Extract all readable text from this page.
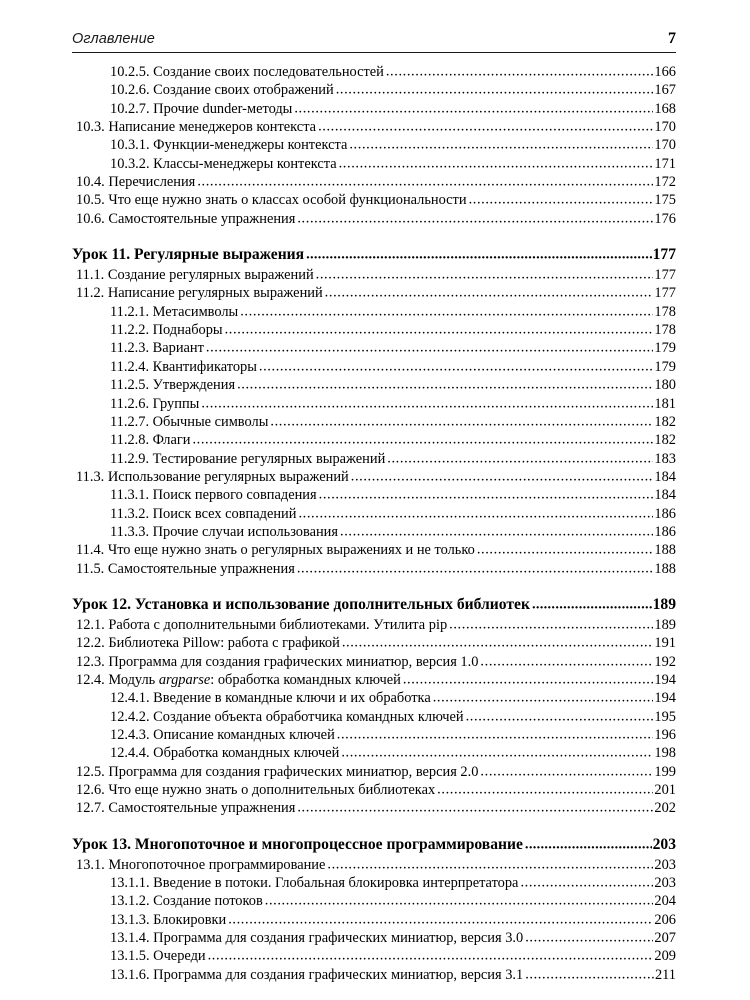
Оглавление	7
10.2.5. Создание своих последовательностей .....	166
10.2.6. Создание своих отображений .....	167
10.2.7. Прочие dunder-методы .....	168
10.3. Написание менеджеров контекста .....	170
10.3.1. Функции-менеджеры контекста .....	170
10.3.2. Классы-менеджеры контекста .....	171
10.4. Перечисления .....	172
10.5. Что еще нужно знать о классах особой функциональности .....	175
10.6. Самостоятельные упражнения .....	176
Урок 11. Регулярные выражения .....	177
11.1. Создание регулярных выражений .....	177
11.2. Написание регулярных выражений .....	177
11.2.1. Метасимволы .....	178
11.2.2. Поднаборы .....	178
11.2.3. Вариант .....	179
11.2.4. Квантификаторы .....	179
11.2.5. Утверждения .....	180
11.2.6. Группы .....	181
11.2.7. Обычные символы .....	182
11.2.8. Флаги .....	182
11.2.9. Тестирование регулярных выражений .....	183
11.3. Использование регулярных выражений .....	184
11.3.1. Поиск первого совпадения .....	184
11.3.2. Поиск всех совпадений .....	186
11.3.3. Прочие случаи использования .....	186
11.4. Что еще нужно знать о регулярных выражениях и не только .....	188
11.5. Самостоятельные упражнения .....	188
Урок 12. Установка и использование дополнительных библиотек .....	189
12.1. Работа с дополнительными библиотеками. Утилита pip .....	189
12.2. Библиотека Pillow: работа с графикой .....	191
12.3. Программа для создания графических миниатюр, версия 1.0 .....	192
12.4. Модуль argparse: обработка командных ключей .....	194
12.4.1. Введение в командные ключи и их обработка .....	194
12.4.2. Создание объекта обработчика командных ключей .....	195
12.4.3. Описание командных ключей .....	196
12.4.4. Обработка командных ключей .....	198
12.5. Программа для создания графических миниатюр, версия 2.0 .....	199
12.6. Что еще нужно знать о дополнительных библиотеках .....	201
12.7. Самостоятельные упражнения .....	202
Урок 13. Многопоточное и многопроцессное программирование .....	203
13.1. Многопоточное программирование .....	203
13.1.1. Введение в потоки. Глобальная блокировка интерпретатора .....	203
13.1.2. Создание потоков .....	204
13.1.3. Блокировки .....	206
13.1.4. Программа для создания графических миниатюр, версия 3.0 .....	207
13.1.5. Очереди .....	209
13.1.6. Программа для создания графических миниатюр, версия 3.1 .....	211
